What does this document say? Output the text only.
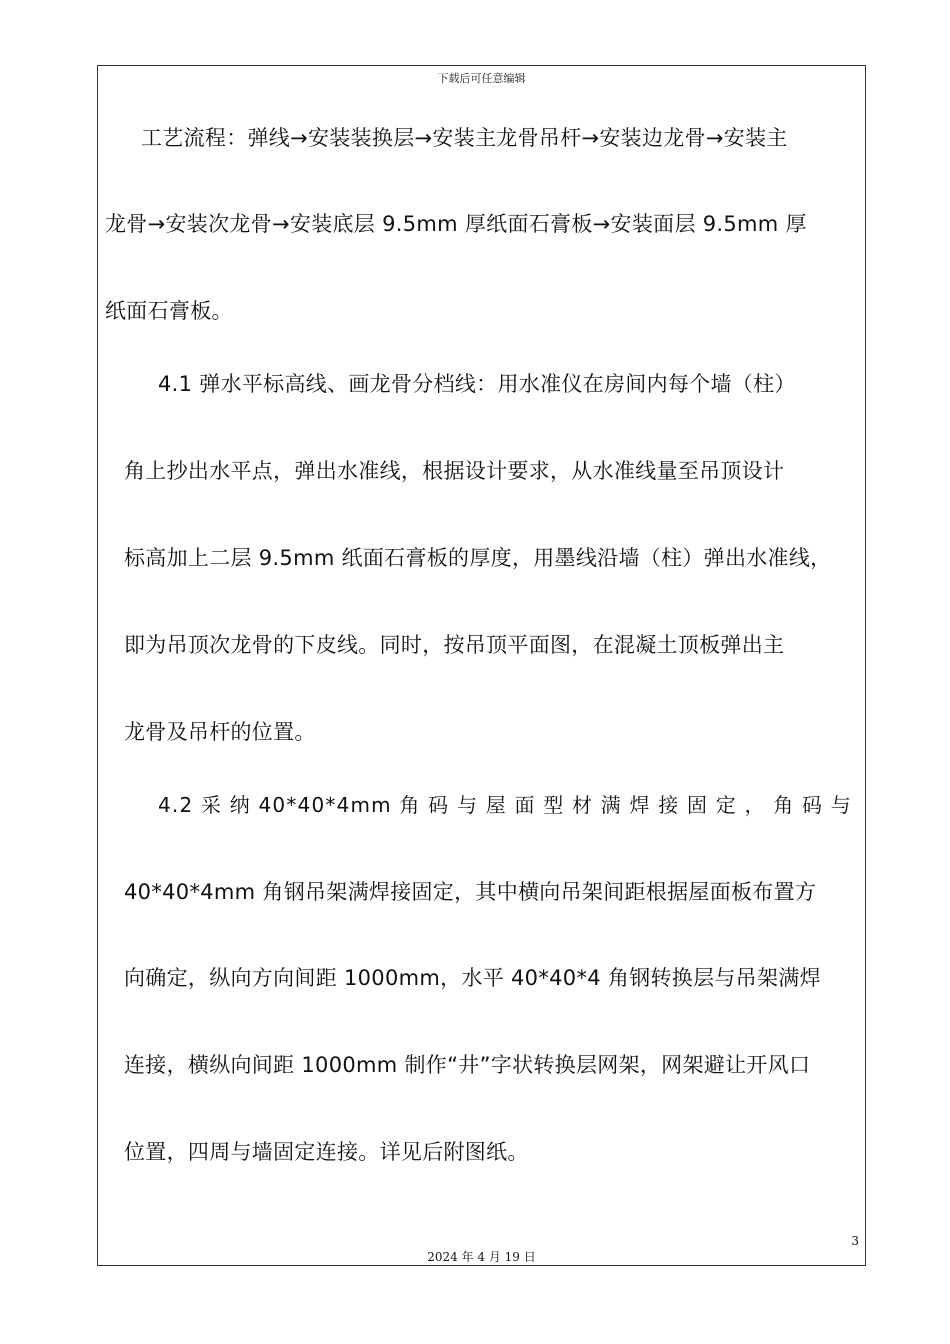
下载后可任意编辑
工艺流程：弹线→安装装换层→安装主龙骨吊杆→安装边龙骨→安装主
龙骨→安装次龙骨→安装底层 9.5mm 厚纸面石膏板→安装面层 9.5mm 厚
纸面石膏板。
4.1 弹水平标高线、画龙骨分档线：用水准仪在房间内每个墙（柱）
角上抄出水平点，弹出水准线，根据设计要求，从水准线量至吊顶设计
标高加上二层 9.5mm 纸面石膏板的厚度，用墨线沿墙（柱）弹出水准线，
即为吊顶次龙骨的下皮线。同时，按吊顶平面图，在混凝土顶板弹出主
龙骨及吊杆的位置。
4.2 采 纳 40*40*4mm 角 码 与 屋 面 型 材 满 焊 接 固 定 ， 角 码 与
40*40*4mm 角钢吊架满焊接固定，其中横向吊架间距根据屋面板布置方
向确定，纵向方向间距 1000mm，水平 40*40*4 角钢转换层与吊架满焊
连接，横纵向间距 1000mm 制作“井”字状转换层网架，网架避让开风口
位置，四周与墙固定连接。详见后附图纸。
3
2024 年 4 月 19 日
